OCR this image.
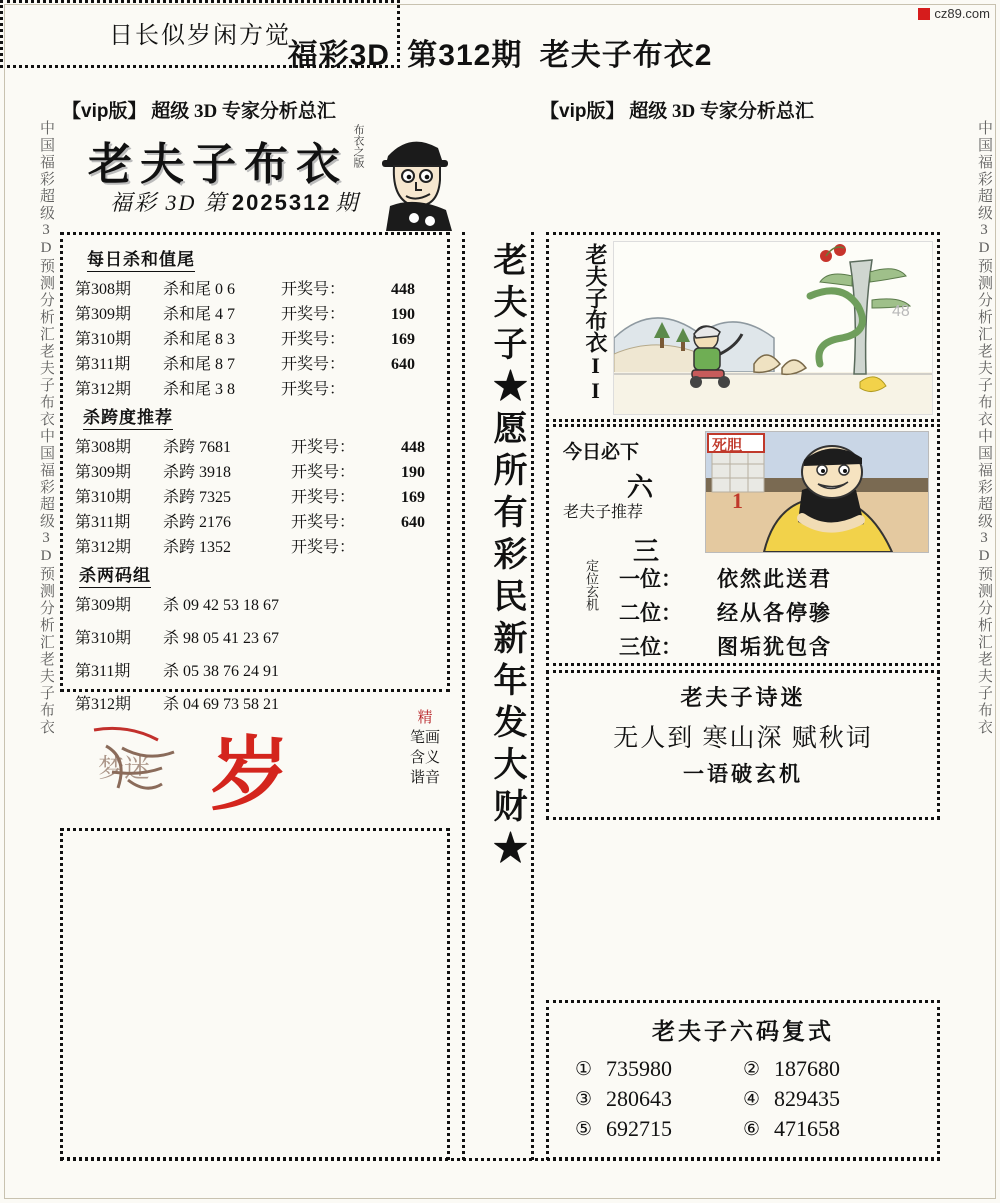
cz89.com
福彩3D 第312期 老夫子布衣2
【vip版】 超级 3D 专家分析总汇	【vip版】 超级 3D 专家分析总汇
中国福彩超级3D预测分析汇老夫子布衣中国福彩超级3D预测分析汇老夫子布衣	中国福彩超级3D预测分析汇老夫子布衣中国福彩超级3D预测分析汇老夫子布衣
老夫子布衣
福彩 3D 第 2025312 期
布衣之版
每日杀和值尾
第308期	杀和尾 0 6	开奖号：	448
第309期	杀和尾 4 7	开奖号：	190
第310期	杀和尾 8 3	开奖号：	169
第311期	杀和尾 8 7	开奖号：	640
第312期	杀和尾 3 8	开奖号：
杀跨度推荐
第308期	杀跨 7681	开奖号：	448
第309期	杀跨 3918	开奖号：	190
第310期	杀跨 7325	开奖号：	169
第311期	杀跨 2176	开奖号：	640
第312期	杀跨 1352	开奖号：
杀两码组
第309期	杀 09 42 53 18 67
第310期	杀 98 05 41 23 67
第311期	杀 05 38 76 24 91
第312期	杀 04 69 73 58 21
梦迷 岁
精
笔画
含义
谐音	老夫子★愿所有彩民新年发大财★	老夫子布衣II	48
今日必下
六
老夫子推荐
三
定位玄机
死胆
1
一位：	依然此送君
二位：	经从各停骖
三位：	图垢犹包含
老夫子诗迷
无人到 寒山深 赋秋词
一语破玄机
日长似岁闲方觉
老夫子六码复式
① 735980	② 187680
③ 280643	④ 829435
⑤ 692715	⑥ 471658
